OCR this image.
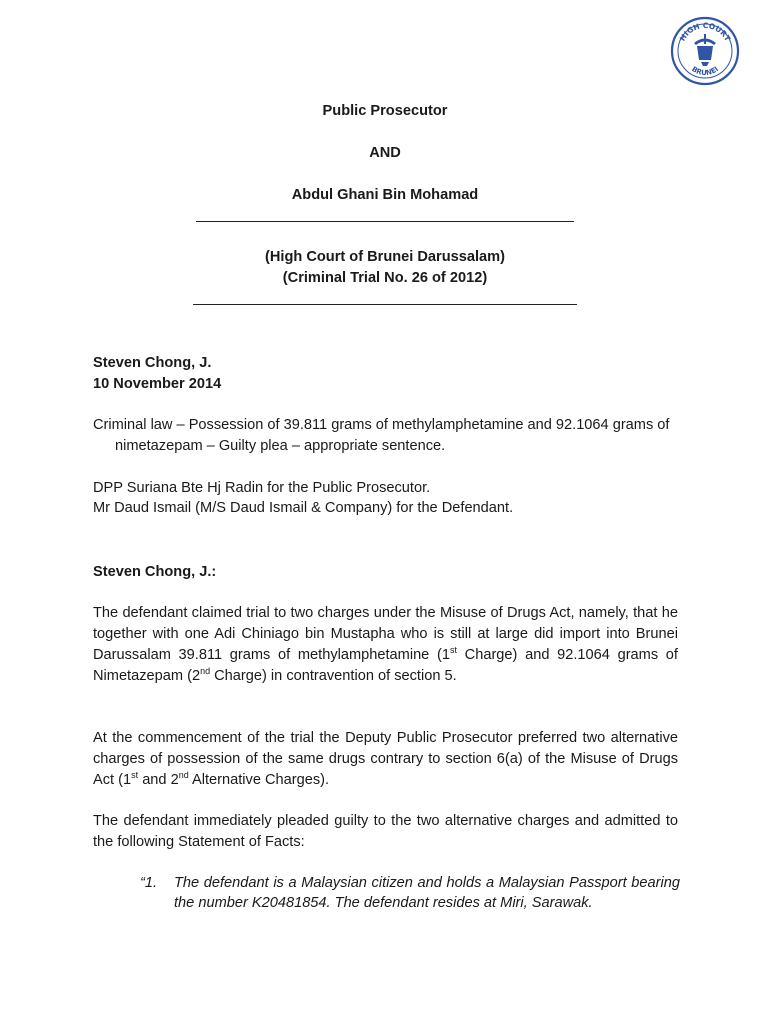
HIGH COURT
BRUNEI
Public Prosecutor
AND
Abdul Ghani Bin Mohamad
(High Court of Brunei Darussalam)
(Criminal Trial No. 26 of 2012)
Steven Chong, J.
10 November 2014
Criminal law – Possession of 39.811 grams of methylamphetamine and 92.1064 grams of nimetazepam – Guilty plea – appropriate sentence.
DPP Suriana Bte Hj Radin for the Public Prosecutor.
Mr Daud Ismail (M/S Daud Ismail & Company) for the Defendant.
Steven Chong, J.:
The defendant claimed trial to two charges under the Misuse of Drugs Act, namely, that he together with one Adi Chiniago bin Mustapha who is still at large did import into Brunei Darussalam 39.811 grams of methylamphetamine (1st Charge) and 92.1064 grams of Nimetazepam (2nd Charge) in contravention of section 5.
At the commencement of the trial the Deputy Public Prosecutor preferred two alternative charges of possession of the same drugs contrary to section 6(a) of the Misuse of Drugs Act (1st and 2nd Alternative Charges).
The defendant immediately pleaded guilty to the two alternative charges and admitted to the following Statement of Facts:
“1. The defendant is a Malaysian citizen and holds a Malaysian Passport bearing the number K20481854. The defendant resides at Miri, Sarawak.
